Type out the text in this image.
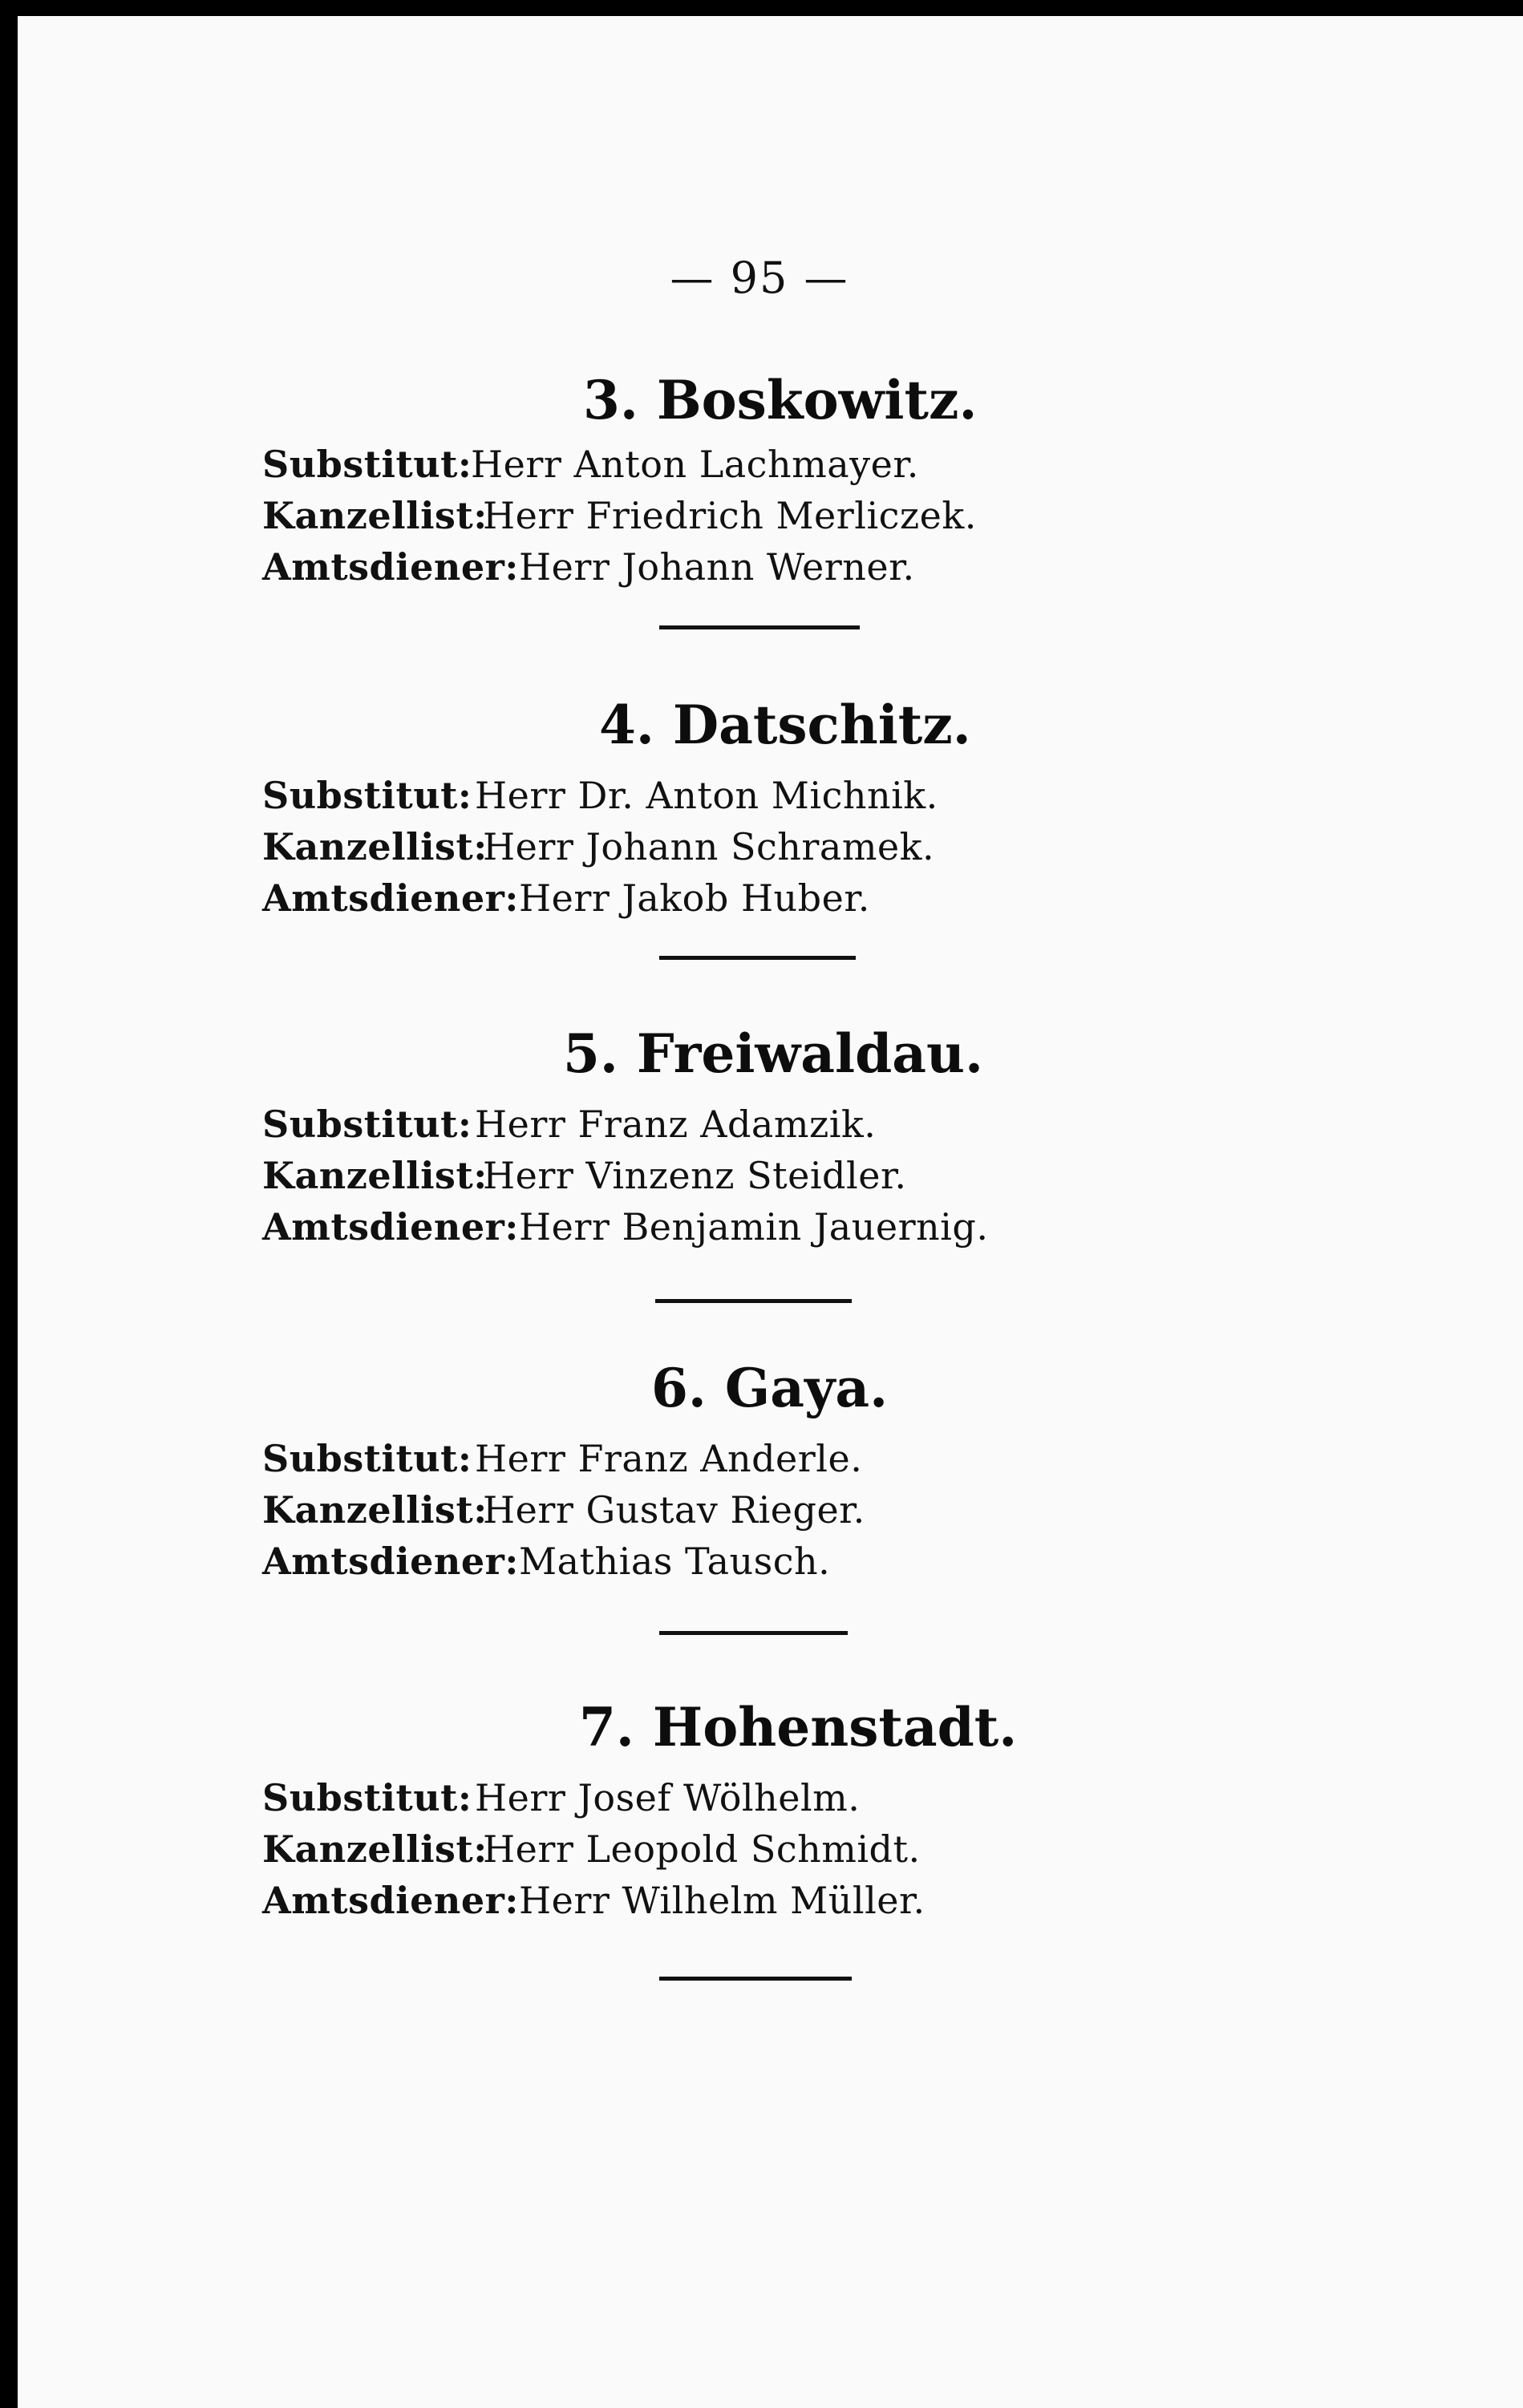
— 95 —
3. Boskowitz.
Substitut:
Herr Anton Lachmayer.
Kanzellist:
Herr Friedrich Merliczek.
Amtsdiener: Herr Johann Werner.
4. Datschitz.
Substitut: Herr Dr. Anton Michnik.
Kanzellist:
Herr Johann Schramek.
Amtsdiener: Herr Jakob Huber.
5. Freiwaldau.
Substitut: Herr Franz Adamzik.
Kanzellist:
Herr Vinzenz Steidler.
Amtsdiener: Herr Benjamin Jauernig.
6. Gaya.
Substitut: Herr Franz Anderle.
Kanzellist:
Herr Gustav Rieger.
Amtsdiener: Mathias Tausch.
7. Hohenstadt.
Substitut: Herr Josef Wölhelm.
Kanzellist:
Herr Leopold Schmidt.
Amtsdiener: Herr Wilhelm Müller.
